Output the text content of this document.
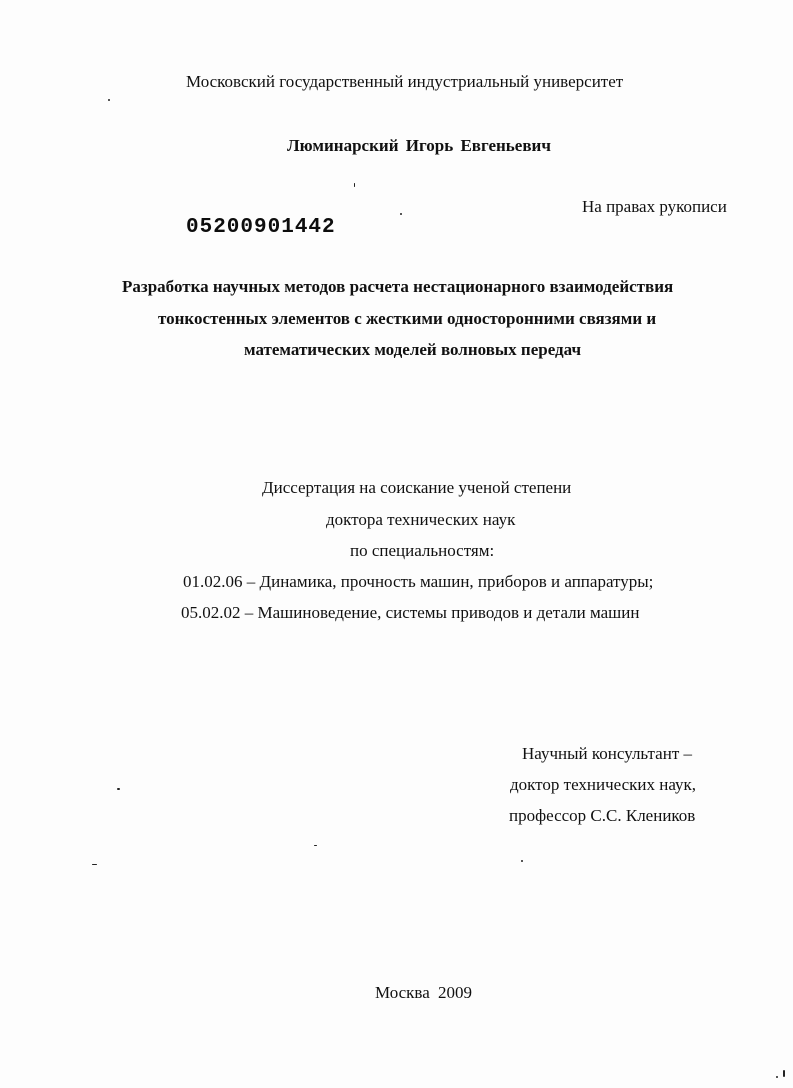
Московский государственный индустриальный университет
Люминарский Игорь Евгеньевич
На правах рукописи
05200901442
Разработка научных методов расчета нестационарного взаимодействия
тонкостенных элементов с жесткими односторонними связями и
математических моделей волновых передач
Диссертация на соискание ученой степени
доктора технических наук
по специальностям:
01.02.06 – Динамика, прочность машин, приборов и аппаратуры;
05.02.02 – Машиноведение, системы приводов и детали машин
Научный консультант –
доктор технических наук,
профессор С.С. Клеников
Москва 2009
